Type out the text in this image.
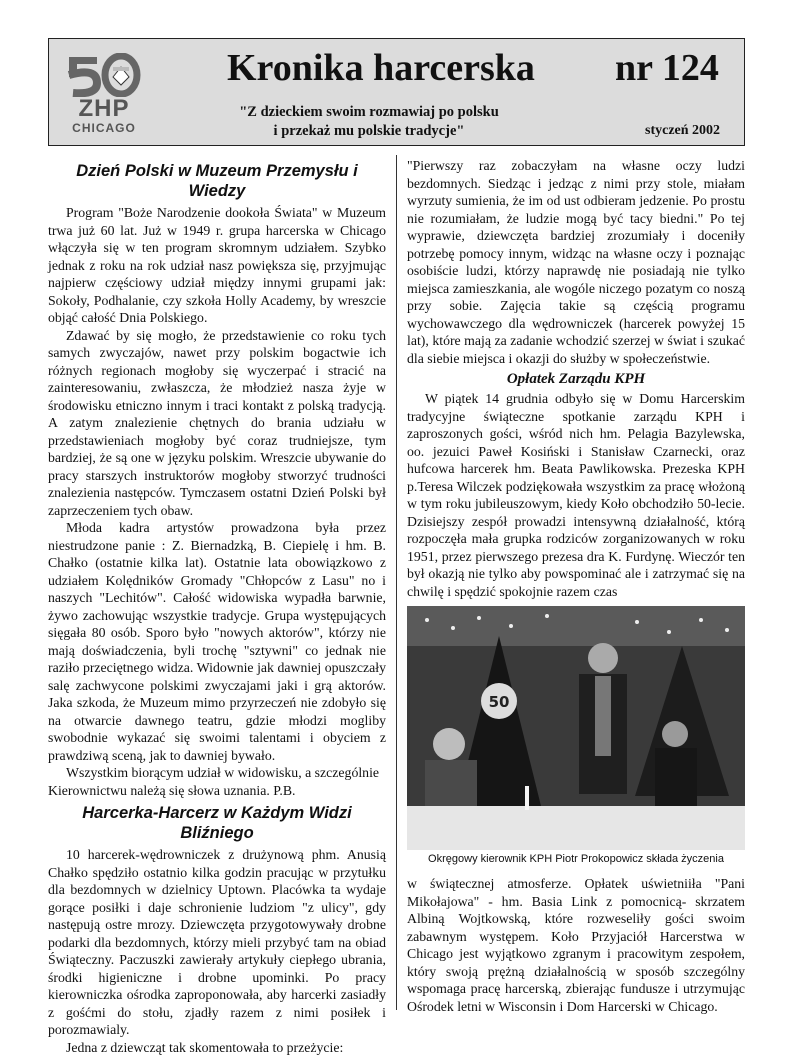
ZHP
CHICAGO
Kronika harcerska nr 124
"Z dzieckiem swoim rozmawiaj po polsku
i przekaż mu polskie tradycje"	styczeń 2002
Dzień Polski w Muzeum Przemysłu i Wiedzy

Program "Boże Narodzenie dookoła Świata" w Muzeum trwa już 60 lat. Już w 1949 r. grupa harcerska w Chicago włączyła się w ten program skromnym udziałem. Szybko jednak z roku na rok udział nasz powiększa się, przyjmując najpierw częściowy udział między innymi grupami jak: Sokoły, Podhalanie, czy szkoła Holly Academy, by wreszcie objąć całość Dnia Polskiego.

Zdawać by się mogło, że przedstawienie co roku tych samych zwyczajów, nawet przy polskim bogactwie ich różnych regionach mogłoby się wyczerpać i stracić na zainteresowaniu, zwłaszcza, że młodzież nasza żyje w środowisku etniczno innym i traci kontakt z polską tradycją. A zatym znalezienie chętnych do brania udziału w przedstawieniach mogłoby być coraz trudniejsze, tym bardziej, że są one w języku polskim. Wreszcie ubywanie do pracy starszych instruktorów mogłoby stworzyć trudności znalezienia następców. Tymczasem ostatni Dzień Polski był zaprzeczeniem tych obaw.

Młoda kadra artystów prowadzona była przez niestrudzone panie : Z. Biernadzką, B. Ciepielę i hm. B. Chałko (ostatnie kilka lat). Ostatnie lata obowiązkowo z udziałem Kolędników Gromady "Chłopców z Lasu" no i naszych "Lechitów". Całość widowiska wypadła barwnie, żywo zachowując wszystkie tradycje. Grupa występujących sięgała 80 osób. Sporo było "nowych aktorów", którzy nie mają doświadczenia, byli trochę "sztywni" co jednak nie raziło przeciętnego widza. Widownie jak dawniej opuszczały salę zachwycone polskimi zwyczajami jaki i grą aktorów. Jaka szkoda, że Muzeum mimo przyrzeczeń nie zdobyło się na otwarcie dawnego teatru, gdzie młodzi mogliby swobodnie wykazać się swoimi talentami i obyciem z prawdziwą sceną, jak to dawniej bywało.

Wszystkim biorącym udział w widowisku, a szczególnie Kierownictwu należą się słowa uznania. P.B.

Harcerka-Harcerz w Każdym Widzi Bliźniego

10 harcerek-wędrowniczek z drużynową phm. Anusią Chałko spędziło ostatnio kilka godzin pracując w przytułku dla bezdomnych w dzielnicy Uptown. Placówka ta wydaje gorące posiłki i daje schronienie ludziom "z ulicy", gdy następują ostre mrozy. Dziewczęta przygotowywały drobne podarki dla bezdomnych, którzy mieli przybyć tam na obiad Świąteczny. Paczuszki zawierały artykuły ciepłego ubrania, środki higieniczne i drobne upominki. Po pracy kierowniczka ośrodka zaproponowała, aby harcerki zasiadły z gośćmi do stołu, zjadły razem z nimi posiłek i porozmawialy.

Jedna z dziewcząt tak skomentowała to przeżycie:

"Pierwszy raz zobaczyłam na własne oczy ludzi bezdomnych. Siedząc i jedząc z nimi przy stole, miałam wyrzuty sumienia, że im od ust odbieram jedzenie. Po prostu nie rozumiałam, że ludzie mogą być tacy biedni." Po tej wyprawie, dziewczęta bardziej zrozumiały i doceniły potrzebę pomocy innym, widząc na własne oczy i poznając osobiście ludzi, którzy naprawdę nie posiadają nie tylko miejsca zamieszkania, ale wogóle niczego pozatym co noszą przy sobie. Zajęcia takie są częścią programu wychowawczego dla wędrowniczek (harcerek powyżej 15 lat), które mają za zadanie wchodzić szerzej w świat i szukać dla siebie miejsca i okazji do służby w społeczeństwie.

Opłatek Zarządu KPH

W piątek 14 grudnia odbyło się w Domu Harcerskim tradycyjne świąteczne spotkanie zarządu KPH i zaproszonych gości, wśród nich hm. Pelagia Bazylewska, oo. jezuici Paweł Kosiński i Stanisław Czarnecki, oraz hufcowa harcerek hm. Beata Pawlikowska. Prezeska KPH p.Teresa Wilczek podziękowała wszystkim za pracę włożoną w tym roku jubileuszowym, kiedy Koło obchodziło 50-lecie. Dzisiejszy zespół prowadzi intensywną działalność, którą rozpoczęła mała grupka rodziców zorganizowanych w roku 1951, przez pierwszego prezesa dra K. Furdynę. Wieczór ten był okazją nie tylko aby powspominać ale i zatrzymać się na chwilę i spędzić spokojnie razem czas

50
Okręgowy kierownik KPH Piotr Prokopowicz składa życzenia

w świątecznej atmosferze. Opłatek uświetniiła "Pani Mikołajowa" - hm. Basia Link z pomocnicą- skrzatem Albiną Wojtkowską, które rozweseliły gości swoim zabawnym występem. Koło Przyjaciół Harcerstwa w Chicago jest wyjątkowo zgranym i pracowitym zespołem, który swoją prężną działalnością w sposób szczególny wspomaga pracę harcerską, zbierając fundusze i utrzymując Ośrodek letni w Wisconsin i Dom Harcerski w Chicago.
